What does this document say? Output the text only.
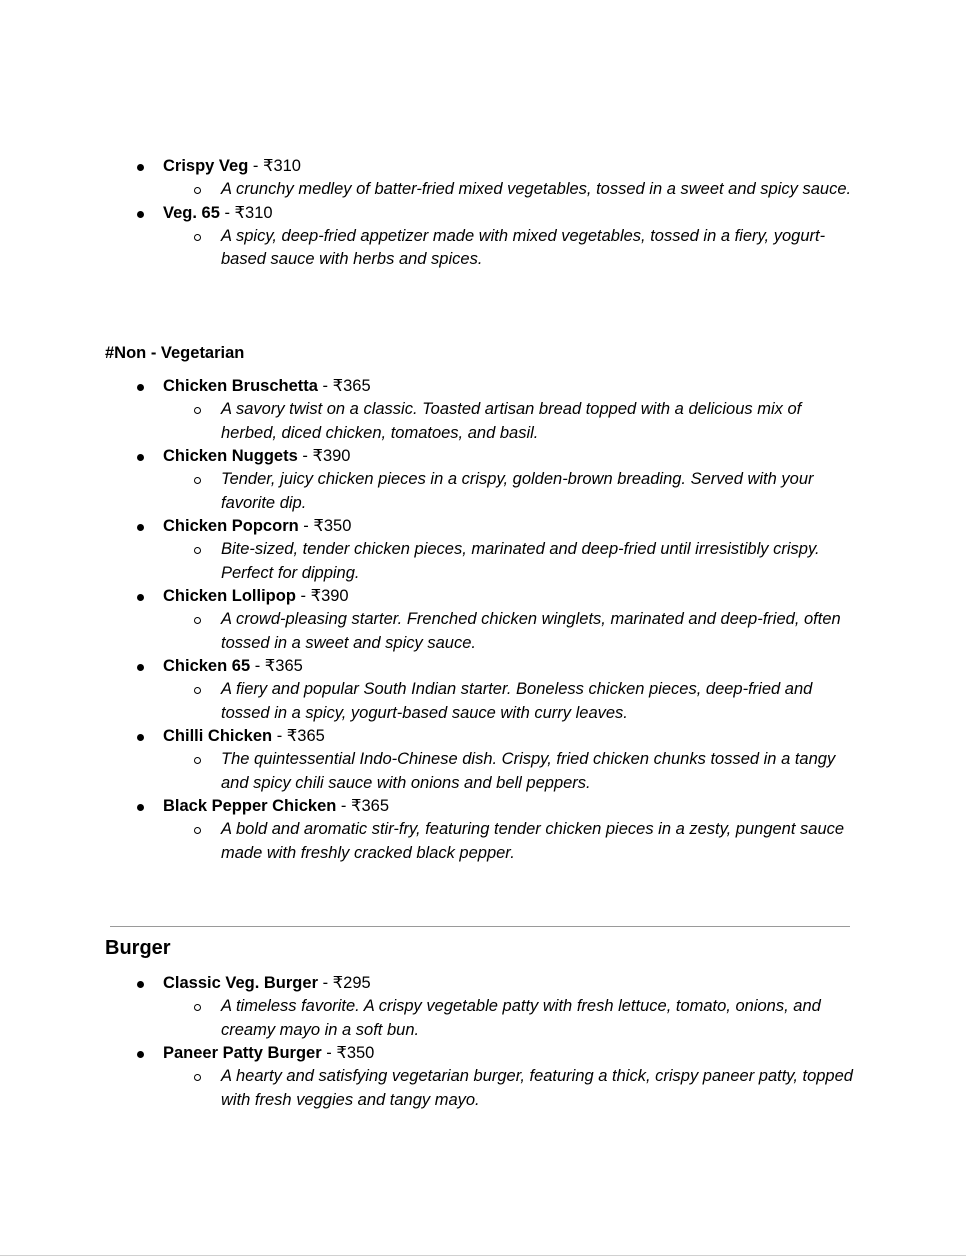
Crispy Veg - ₹310
A crunchy medley of batter-fried mixed vegetables, tossed in a sweet and spicy sauce.
Veg. 65 - ₹310
A spicy, deep-fried appetizer made with mixed vegetables, tossed in a fiery, yogurt-based sauce with herbs and spices.
#Non - Vegetarian
Chicken Bruschetta - ₹365
A savory twist on a classic. Toasted artisan bread topped with a delicious mix of herbed, diced chicken, tomatoes, and basil.
Chicken Nuggets - ₹390
Tender, juicy chicken pieces in a crispy, golden-brown breading. Served with your favorite dip.
Chicken Popcorn - ₹350
Bite-sized, tender chicken pieces, marinated and deep-fried until irresistibly crispy. Perfect for dipping.
Chicken Lollipop - ₹390
A crowd-pleasing starter. Frenched chicken winglets, marinated and deep-fried, often tossed in a sweet and spicy sauce.
Chicken 65 - ₹365
A fiery and popular South Indian starter. Boneless chicken pieces, deep-fried and tossed in a spicy, yogurt-based sauce with curry leaves.
Chilli Chicken - ₹365
The quintessential Indo-Chinese dish. Crispy, fried chicken chunks tossed in a tangy and spicy chili sauce with onions and bell peppers.
Black Pepper Chicken - ₹365
A bold and aromatic stir-fry, featuring tender chicken pieces in a zesty, pungent sauce made with freshly cracked black pepper.
Burger
Classic Veg. Burger - ₹295
A timeless favorite. A crispy vegetable patty with fresh lettuce, tomato, onions, and creamy mayo in a soft bun.
Paneer Patty Burger - ₹350
A hearty and satisfying vegetarian burger, featuring a thick, crispy paneer patty, topped with fresh veggies and tangy mayo.
